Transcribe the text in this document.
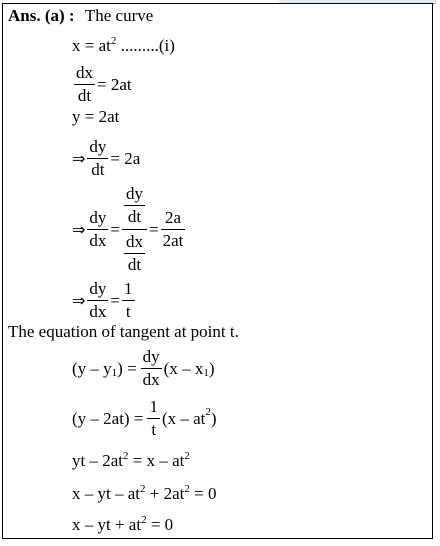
Ans. (a) : The curve
$x = at^2$ .........(i)
$\frac{dx}{dt} = 2at$
y = 2at
⇒ $\frac{dy}{dt} = 2a$
⇒ $\frac{dy}{dx} = \frac{\frac{dy}{dt}}{\frac{dx}{dt}} = \frac{2a}{2at}$
⇒ $\frac{dy}{dx} = \frac{1}{t}$
The equation of tangent at point t.
(y – y 1 ) = $\frac{dy}{dx} (x$ – x 1 )
$(y - 2at) = \frac{1}{t} (x$ – at 2 )
yt – $2at^2 = x - at^2$
x – yt – $at^2 + 2at^2 = 0$
x – yt + $at^2 = 0$
